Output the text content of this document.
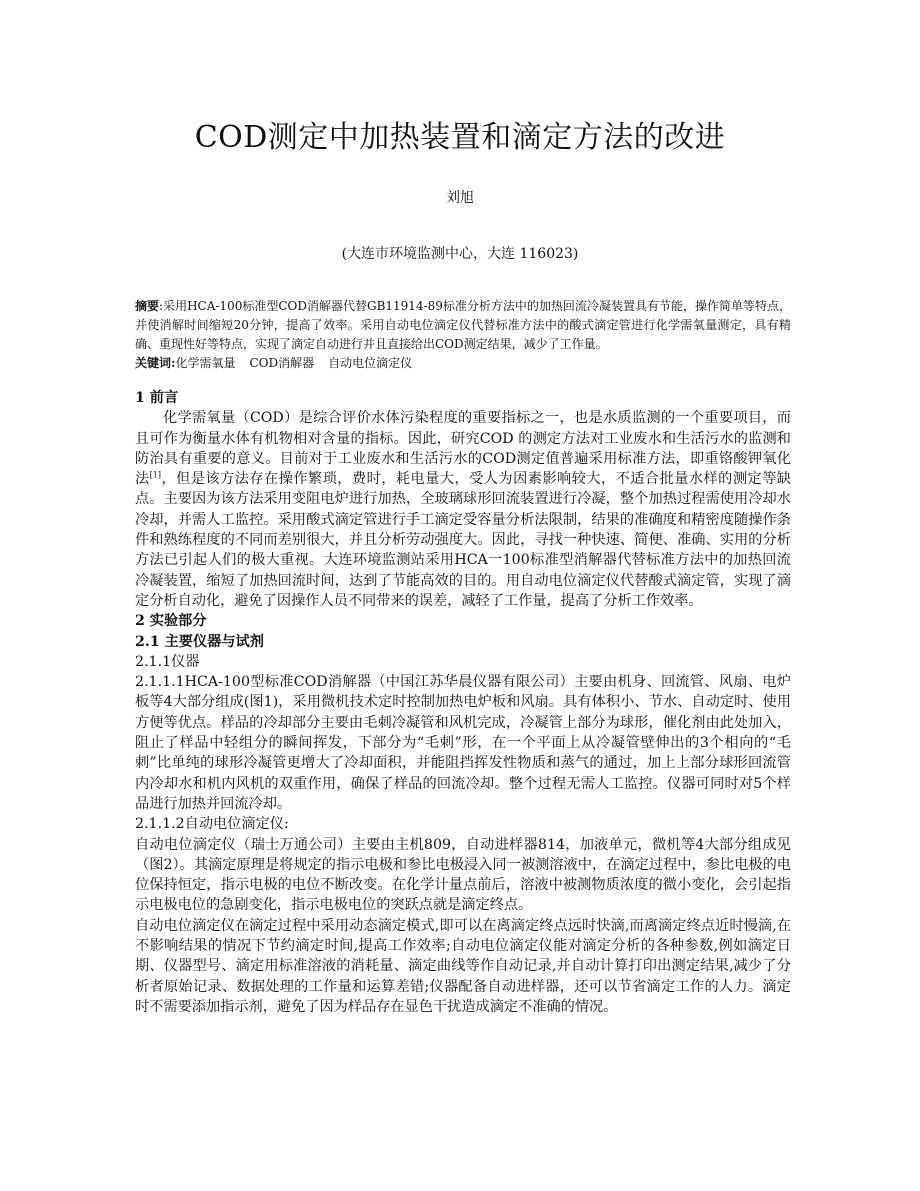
COD测定中加热装置和滴定方法的改进
刘旭
(大连市环境监测中心，大连 116023)
摘要:采用HCA-100标准型COD消解器代替GB11914-89标准分析方法中的加热回流冷凝装置具有节能，操作简单等特点，并使消解时间缩短20分钟，提高了效率。采用自动电位滴定仪代替标准方法中的酸式滴定管进行化学需氧量测定，具有精确、重现性好等特点，实现了滴定自动进行并且直接给出COD测定结果，减少了工作量。
关键词:化学需氧量 COD消解器 自动电位滴定仪

1 前言

化学需氧量（COD）是综合评价水体污染程度的重要指标之一，也是水质监测的一个重要项目，而且可作为衡量水体有机物相对含量的指标。因此，研究COD 的测定方法对工业废水和生活污水的监测和防治具有重要的意义。目前对于工业废水和生活污水的COD测定值普遍采用标准方法，即重铬酸钾氧化法[1]，但是该方法存在操作繁琐，费时，耗电量大，受人为因素影响较大，不适合批量水样的测定等缺点。主要因为该方法采用变阻电炉进行加热，全玻璃球形回流装置进行冷凝，整个加热过程需使用冷却水冷却，并需人工监控。采用酸式滴定管进行手工滴定受容量分析法限制，结果的准确度和精密度随操作条件和熟练程度的不同而差别很大，并且分析劳动强度大。因此，寻找一种快速、简便、准确、实用的分析方法已引起人们的极大重视。大连环境监测站采用HCA一100标准型消解器代替标准方法中的加热回流冷凝装置，缩短了加热回流时间，达到了节能高效的目的。用自动电位滴定仪代替酸式滴定管，实现了滴定分析自动化，避免了因操作人员不同带来的误差，减轻了工作量，提高了分析工作效率。

2 实验部分

2.1 主要仪器与试剂

2.1.1仪器

2.1.1.1HCA-100型标准COD消解器（中国江苏华晨仪器有限公司）主要由机身、回流管、风扇、电炉板等4大部分组成(图1)，采用微机技术定时控制加热电炉板和风扇。具有体积小、节水、自动定时、使用方便等优点。样品的冷却部分主要由毛刺冷凝管和风机完成，冷凝管上部分为球形，催化剂由此处加入，阻止了样品中轻组分的瞬间挥发，下部分为“毛刺”形，在一个平面上从冷凝管壁伸出的3个相向的“毛刺”比单纯的球形冷凝管更增大了冷却面积，并能阻挡挥发性物质和蒸气的通过，加上上部分球形回流管内冷却水和机内风机的双重作用，确保了样品的回流冷却。整个过程无需人工监控。仪器可同时对5个样品进行加热并回流冷却。

2.1.1.2自动电位滴定仪:

自动电位滴定仪（瑞士万通公司）主要由主机809，自动进样器814，加液单元，微机等4大部分组成见（图2）。其滴定原理是将规定的指示电极和参比电极浸入同一被测溶液中，在滴定过程中，参比电极的电位保持恒定，指示电极的电位不断改变。在化学计量点前后，溶液中被测物质浓度的微小变化，会引起指示电极电位的急剧变化，指示电极电位的突跃点就是滴定终点。

自动电位滴定仪在滴定过程中采用动态滴定模式,即可以在离滴定终点远时快滴,而离滴定终点近时慢滴,在不影响结果的情况下节约滴定时间,提高工作效率;自动电位滴定仪能对滴定分析的各种参数,例如滴定日期、仪器型号、滴定用标准溶液的消耗量、滴定曲线等作自动记录,并自动计算打印出测定结果,减少了分析者原始记录、数据处理的工作量和运算差错;仪器配备自动进样器，还可以节省滴定工作的人力。滴定时不需要添加指示剂，避免了因为样品存在显色干扰造成滴定不准确的情况。
